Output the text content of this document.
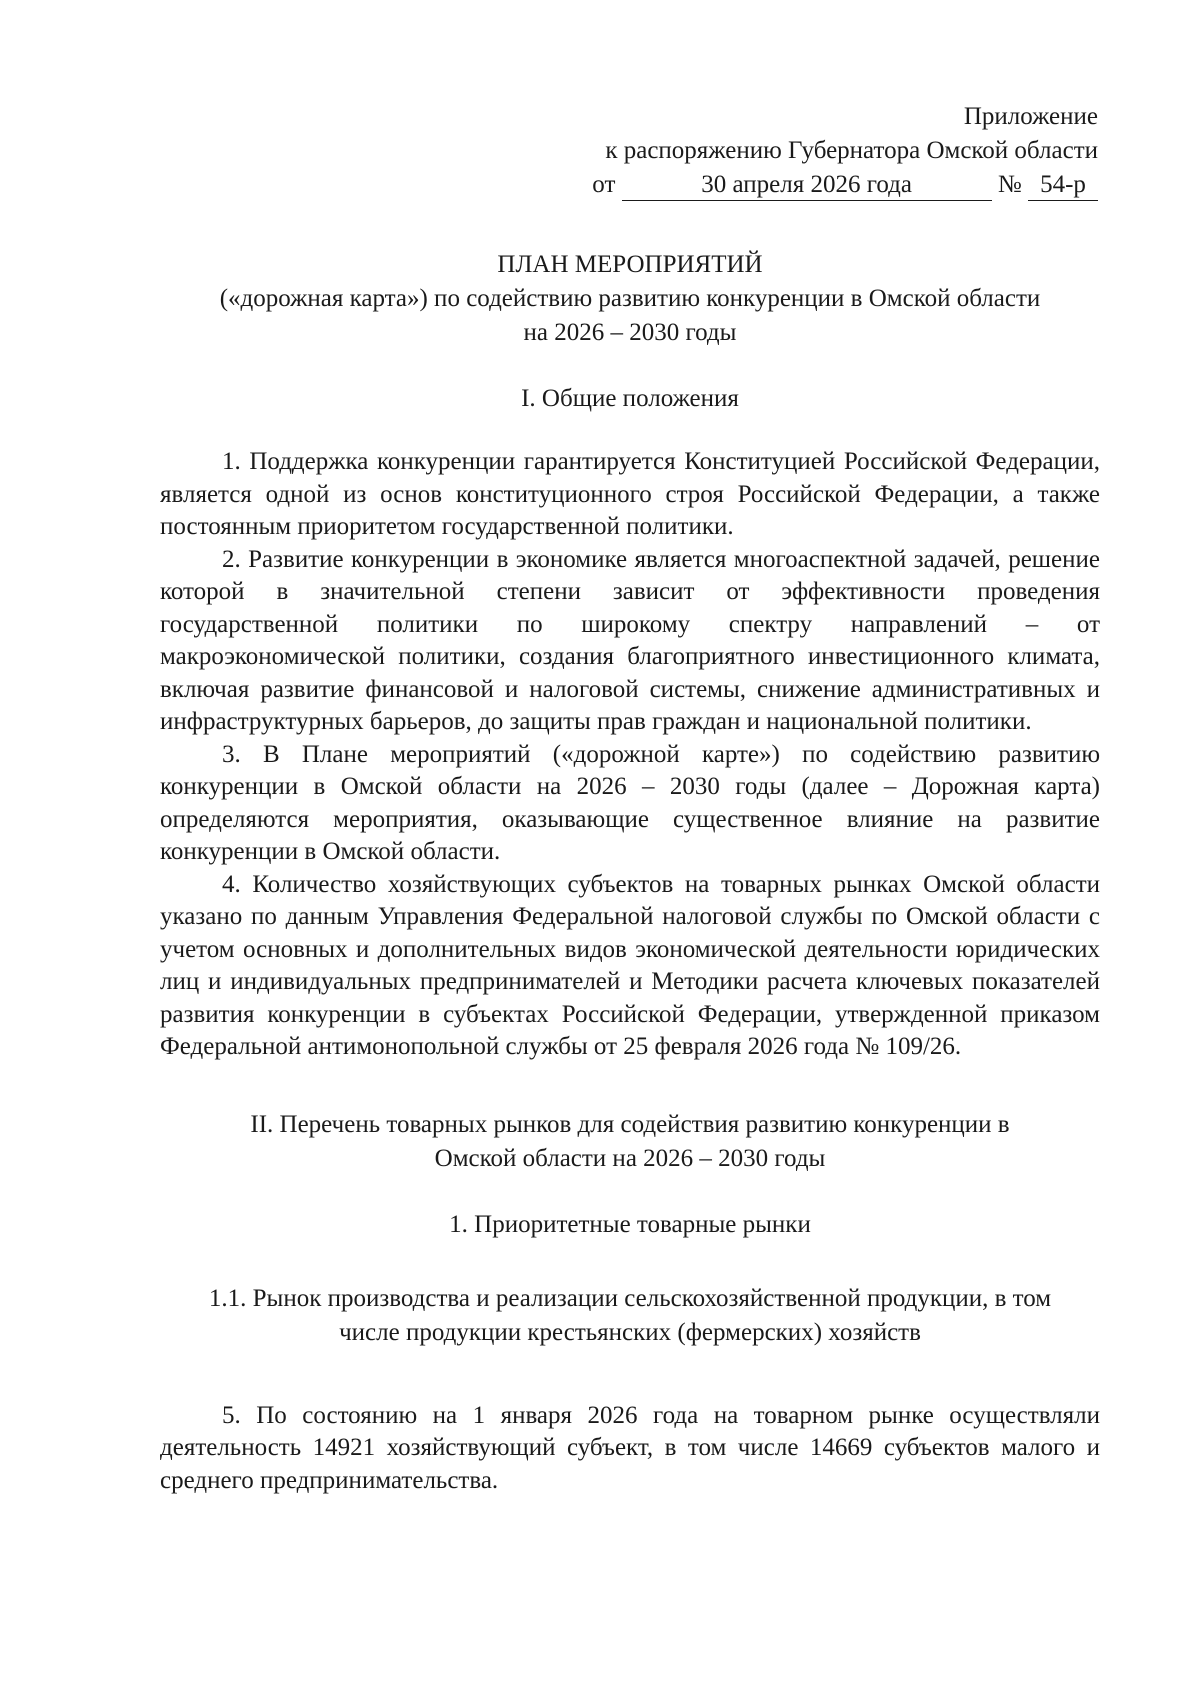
Приложение
к распоряжению Губернатора Омской области
от	30 апреля 2026 года	№ 54-р
ПЛАН МЕРОПРИЯТИЙ
(«дорожная карта») по содействию развитию конкуренции в Омской области
на 2026 – 2030 годы
I. Общие положения

1. Поддержка конкуренции гарантируется Конституцией Российской Федерации, является одной из основ конституционного строя Российской Федерации, а также постоянным приоритетом государственной политики.

2. Развитие конкуренции в экономике является многоаспектной задачей, решение которой в значительной степени зависит от эффективности проведения государственной политики по широкому спектру направлений – от макроэкономической политики, создания благоприятного инвестиционного климата, включая развитие финансовой и налоговой системы, снижение административных и инфраструктурных барьеров, до защиты прав граждан и национальной политики.

3. В Плане мероприятий («дорожной карте») по содействию развитию конкуренции в Омской области на 2026 – 2030 годы (далее – Дорожная карта) определяются мероприятия, оказывающие существенное влияние на развитие конкуренции в Омской области.

4. Количество хозяйствующих субъектов на товарных рынках Омской области указано по данным Управления Федеральной налоговой службы по Омской области с учетом основных и дополнительных видов экономической деятельности юридических лиц и индивидуальных предпринимателей и Методики расчета ключевых показателей развития конкуренции в субъектах Российской Федерации, утвержденной приказом Федеральной антимонопольной службы от 25 февраля 2026 года № 109/26.

II. Перечень товарных рынков для содействия развитию конкуренции в
Омской области на 2026 – 2030 годы
1. Приоритетные товарные рынки
1.1. Рынок производства и реализации сельскохозяйственной продукции, в том
числе продукции крестьянских (фермерских) хозяйств

5. По состоянию на 1 января 2026 года на товарном рынке осуществляли деятельность 14921 хозяйствующий субъект, в том числе 14669 субъектов малого и среднего предпринимательства.
